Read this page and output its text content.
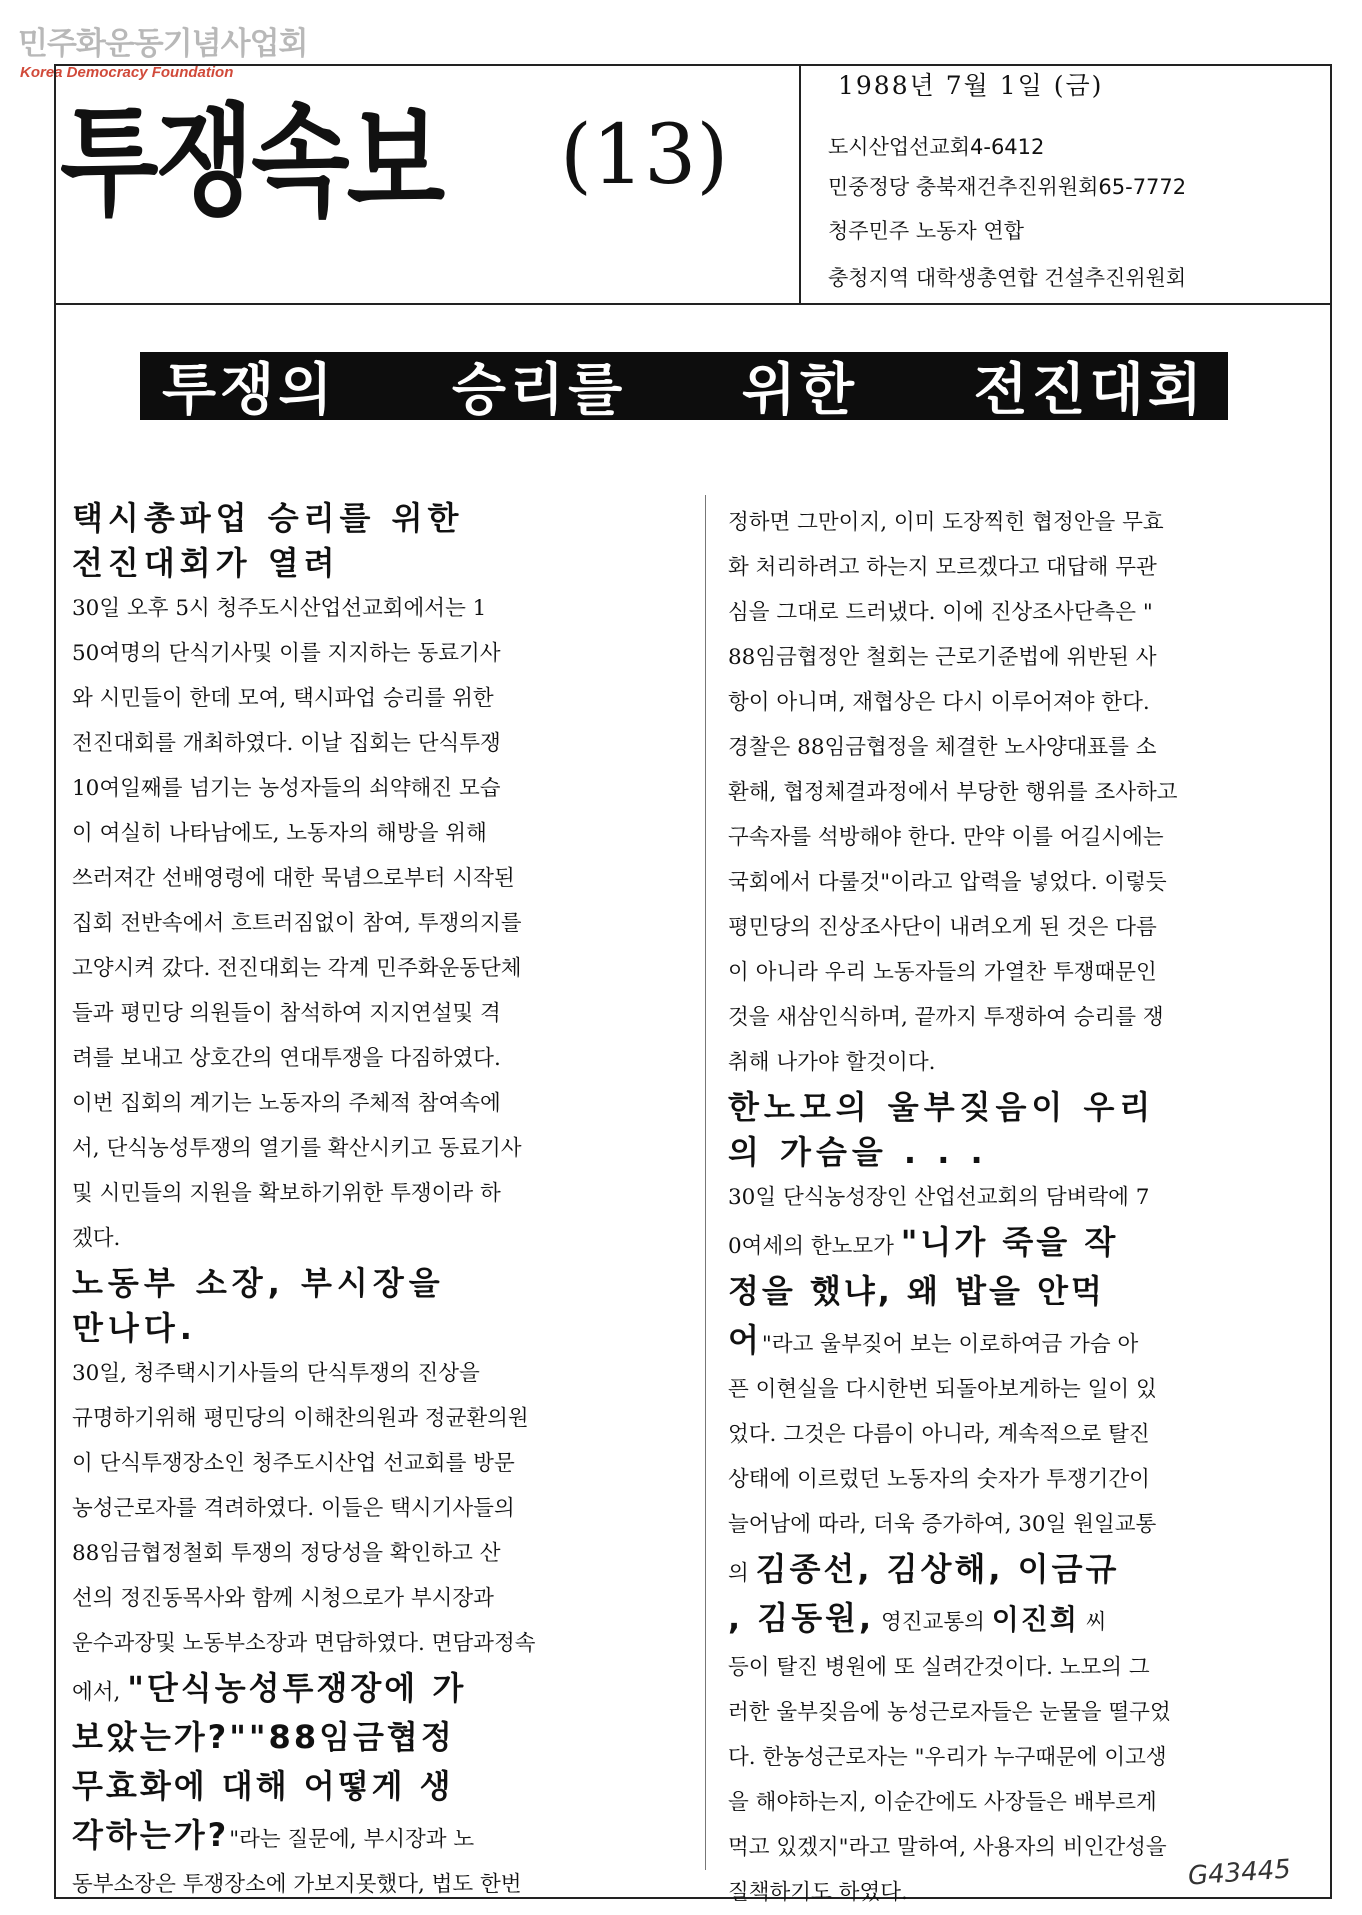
민주화운동기념사업회
Korea Democracy Foundation
투쟁속보 (13)
1988년 7월 1일 (금)
도시산업선교회4-6412
민중정당 충북재건추진위원회65-7772
청주민주 노동자 연합
충청지역 대학생총연합 건설추진위원회
투쟁의 승리를 위한 전진대회

택시총파업 승리를 위한

전진대회가 열려

30일 오후 5시 청주도시산업선교회에서는 1

50여명의 단식기사및 이를 지지하는 동료기사

와 시민들이 한데 모여, 택시파업 승리를 위한

전진대회를 개최하였다. 이날 집회는 단식투쟁

10여일째를 넘기는 농성자들의 쇠약해진 모습

이 여실히 나타남에도, 노동자의 해방을 위해

쓰러져간 선배영령에 대한 묵념으로부터 시작된

집회 전반속에서 흐트러짐없이 참여, 투쟁의지를

고양시켜 갔다. 전진대회는 각계 민주화운동단체

들과 평민당 의원들이 참석하여 지지연설및 격

려를 보내고 상호간의 연대투쟁을 다짐하였다.

이번 집회의 계기는 노동자의 주체적 참여속에

서, 단식농성투쟁의 열기를 확산시키고 동료기사

및 시민들의 지원을 확보하기위한 투쟁이라 하

겠다.

노동부 소장, 부시장을

만나다.

30일, 청주택시기사들의 단식투쟁의 진상을

규명하기위해 평민당의 이해찬의원과 정균환의원

이 단식투쟁장소인 청주도시산업 선교회를 방문

농성근로자를 격려하였다. 이들은 택시기사들의

88임금협정철회 투쟁의 정당성을 확인하고 산

선의 정진동목사와 함께 시청으로가 부시장과

운수과장및 노동부소장과 면담하였다. 면담과정속

에서, "단식농성투쟁장에 가

보았는가?""88임금협정

무효화에 대해 어떻게 생

각하는가?"라는 질문에, 부시장과 노

동부소장은 투쟁장소에 가보지못했다, 법도 한번

정하면 그만이지, 이미 도장찍힌 협정안을 무효

화 처리하려고 하는지 모르겠다고 대답해 무관

심을 그대로 드러냈다. 이에 진상조사단측은 "

88임금협정안 철회는 근로기준법에 위반된 사

항이 아니며, 재협상은 다시 이루어져야 한다.

경찰은 88임금협정을 체결한 노사양대표를 소

환해, 협정체결과정에서 부당한 행위를 조사하고

구속자를 석방해야 한다. 만약 이를 어길시에는

국회에서 다룰것"이라고 압력을 넣었다. 이렇듯

평민당의 진상조사단이 내려오게 된 것은 다름

이 아니라 우리 노동자들의 가열찬 투쟁때문인

것을 새삼인식하며, 끝까지 투쟁하여 승리를 쟁

취해 나가야 할것이다.

한노모의 울부짖음이 우리

의 가슴을 . . .

30일 단식농성장인 산업선교회의 담벼락에 7

0여세의 한노모가 "니가 죽을 작

정을 했냐, 왜 밥을 안먹

어"라고 울부짖어 보는 이로하여금 가슴 아

픈 이현실을 다시한번 되돌아보게하는 일이 있

었다. 그것은 다름이 아니라, 계속적으로 탈진

상태에 이르렀던 노동자의 숫자가 투쟁기간이

늘어남에 따라, 더욱 증가하여, 30일 원일교통

의 김종선, 김상해, 이금규

, 김동원, 영진교통의 이진희 씨

등이 탈진 병원에 또 실려간것이다. 노모의 그

러한 울부짖음에 농성근로자들은 눈물을 떨구었

다. 한농성근로자는 "우리가 누구때문에 이고생

을 해야하는지, 이순간에도 사장들은 배부르게

먹고 있겠지"라고 말하여, 사용자의 비인간성을

질책하기도 하였다.

G43445
